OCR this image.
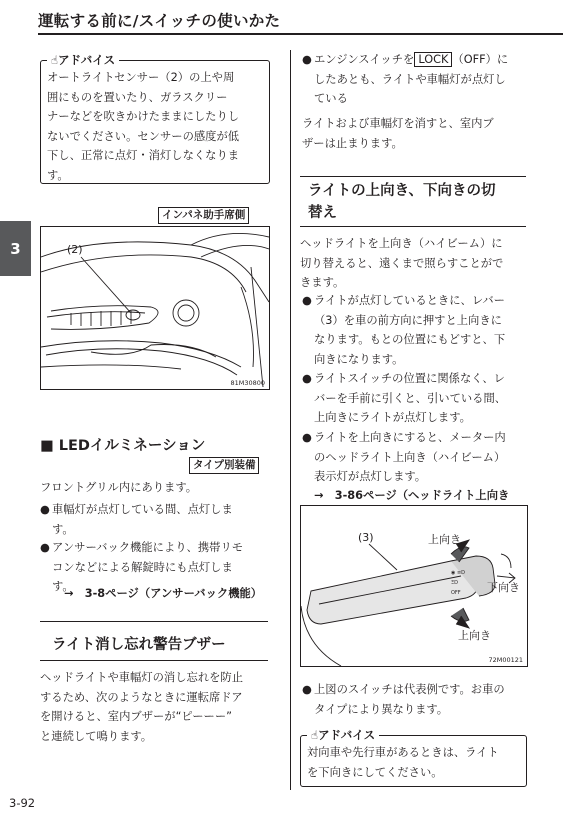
運転する前に/スイッチの使いかた
3
☝アドバイス
オートライトセンサー（2）の上や周
囲にものを置いたり、ガラスクリー
ナーなどを吹きかけたままにしたりし
ないでください。センサーの感度が低
下し、正常に点灯・消灯しなくなりま
す。
インパネ助手席側
(2)
81M30800
■ LEDイルミネーション
タイプ別装備
フロントグリル内にあります。
● 車幅灯が点灯している間、点灯しま
す。
● アンサーバック機能により、携帯リモ
コンなどによる解錠時にも点灯しま
す。
→　3-8ページ（アンサーバック機能）
ライト消し忘れ警告ブザー
ヘッドライトや車幅灯の消し忘れを防止
するため、次のようなときに運転席ドア
を開けると、室内ブザーが“ピーーー”
と連続して鳴ります。
3-92
● エンジンスイッチを LOCK （OFF）に
したあとも、ライトや車幅灯が点灯し
ている
ライトおよび車幅灯を消すと、室内ブ
ザーは止まります。
ライトの上向き、下向きの切
替え
ヘッドライトを上向き（ハイビーム）に
切り替えると、遠くまで照らすことがで
きます。
● ライトが点灯しているときに、レバー
（3）を車の前方向に押すと上向きに
なります。もとの位置にもどすと、下
向きになります。
● ライトスイッチの位置に関係なく、レ
バーを手前に引くと、引いている間、
上向きにライトが点灯します。
● ライトを上向きにすると、メーター内
のヘッドライト上向き（ハイビーム）
表示灯が点灯します。
→　3-86ページ（ヘッドライト上向き
◉ ≡D
ΞD
OFF
(3)	上向き
下向き
上向き
72M00121
● 上図のスイッチは代表例です。お車の
タイプにより異なります。
☝アドバイス
対向車や先行車があるときは、ライト
を下向きにしてください。
